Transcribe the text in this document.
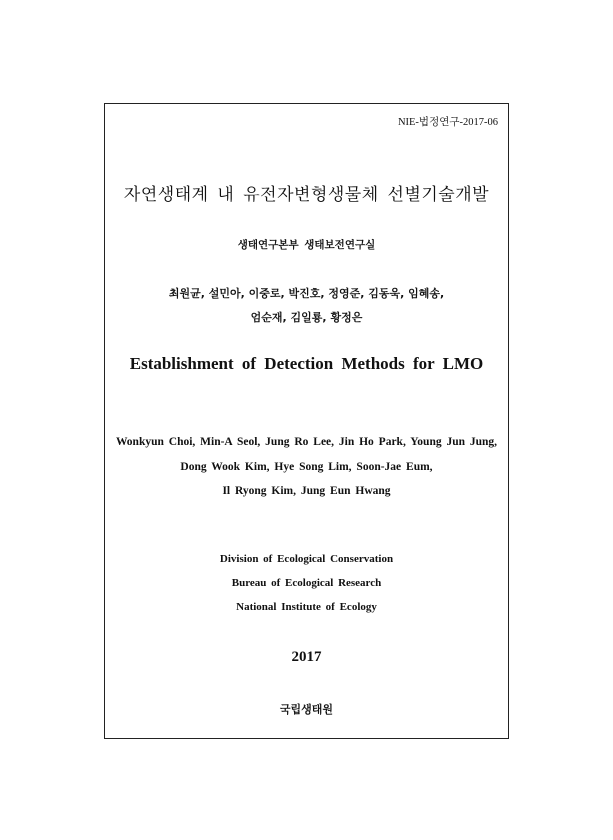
NIE-법정연구-2017-06
자연생태계 내 유전자변형생물체 선별기술개발
생태연구본부 생태보전연구실
최원균, 설민아, 이중로, 박진호, 정영준, 김동욱, 임혜송,
엄순재, 김일룡, 황정은
Establishment of Detection Methods for LMO
Wonkyun Choi, Min-A Seol, Jung Ro Lee, Jin Ho Park, Young Jun Jung,
Dong Wook Kim, Hye Song Lim, Soon-Jae Eum,
Il Ryong Kim, Jung Eun Hwang
Division of Ecological Conservation
Bureau of Ecological Research
National Institute of Ecology
2017
국립생태원
